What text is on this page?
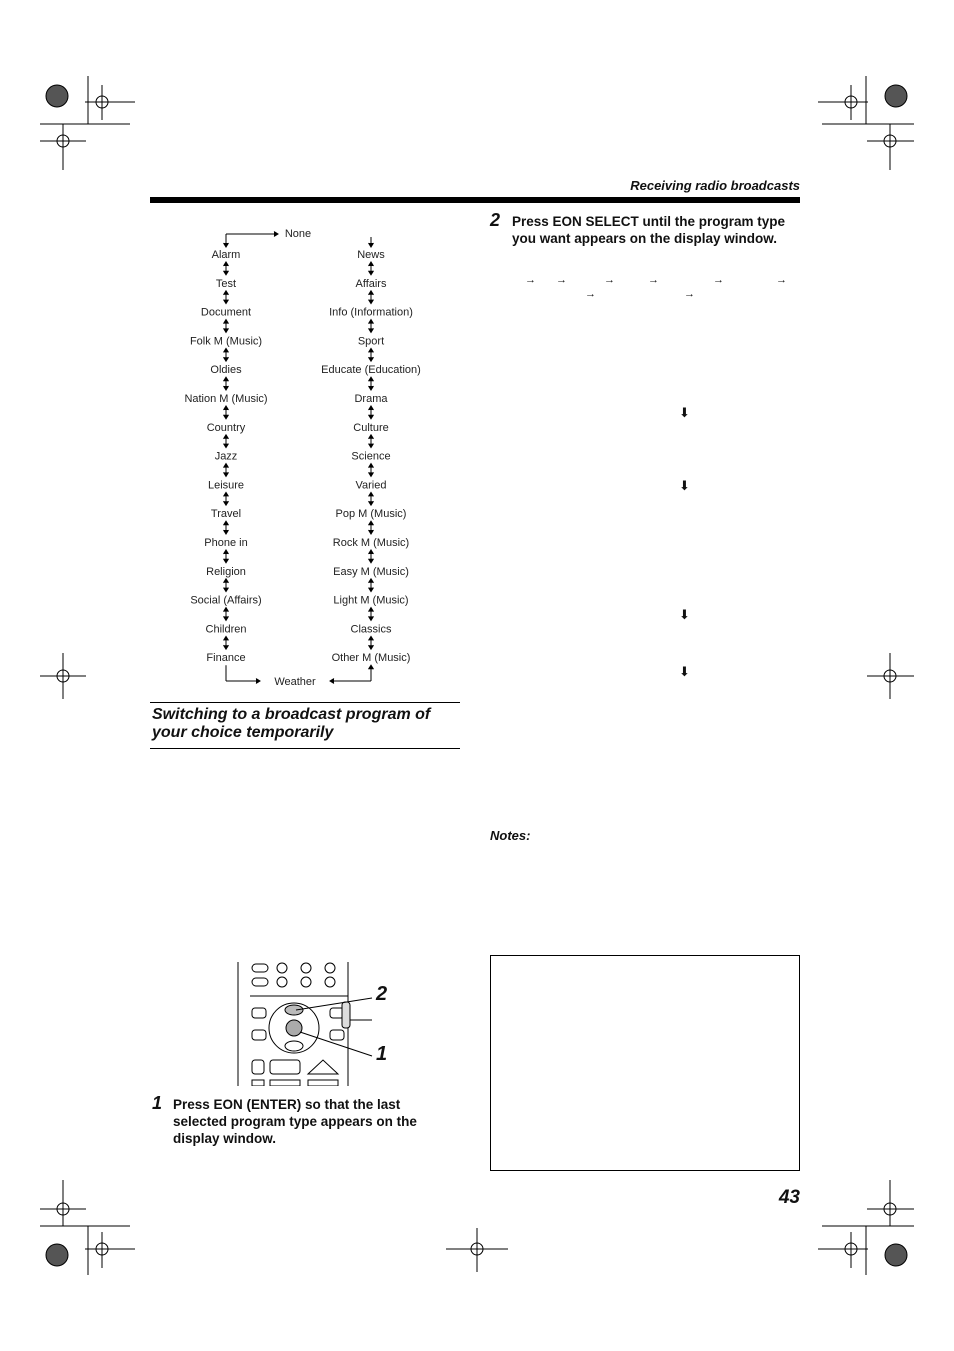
Receiving radio broadcasts
None
Alarm
Test
Document
Folk M (Music)
Oldies
Nation M (Music)
Country
Jazz
Leisure
Travel
Phone in
Religion
Social (Affairs)
Children
Finance
News
Affairs
Info (Information)
Sport
Educate (Education)
Drama
Culture
Science
Varied
Pop M (Music)
Rock M (Music)
Easy M (Music)
Light M (Music)
Classics
Other M (Music)
Weather
Switching to a broadcast program of your choice temporarily
2
1
1 Press EON (ENTER) so that the last selected program type appears on the display window.
2 Press EON SELECT until the program type you want appears on the display window.
→ →	→	→	→	→
→	→
⬇
⬇
⬇
⬇
Notes:
43
